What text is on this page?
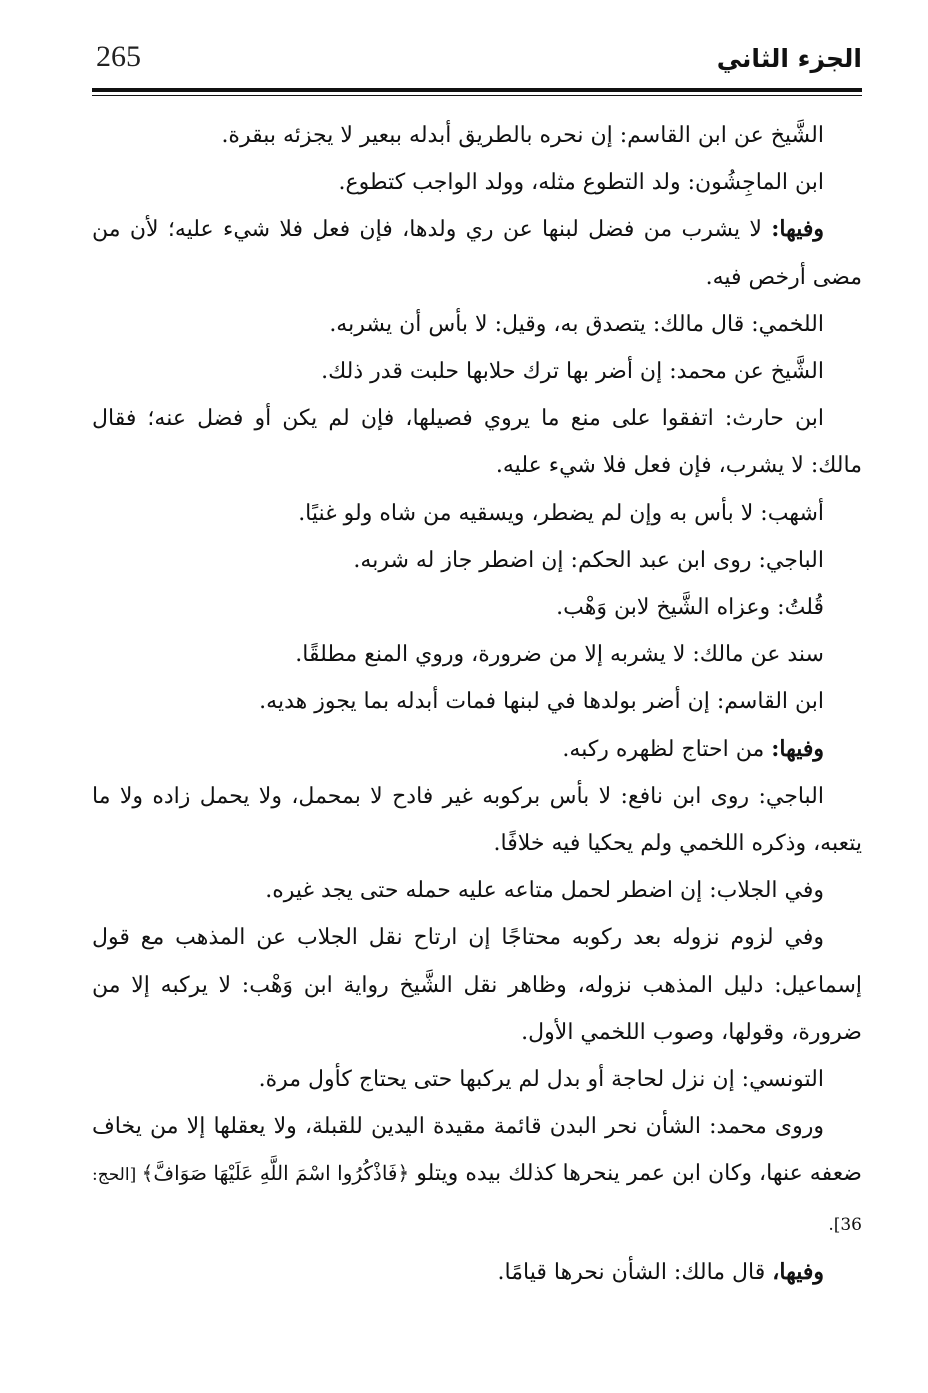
265	الجزء الثاني

الشَّيخ عن ابن القاسم: إن نحره بالطريق أبدله ببعير لا يجزئه ببقرة.

ابن الماجِشُون: ولد التطوع مثله، وولد الواجب كتطوع.

وفيها: لا يشرب من فضل لبنها عن ري ولدها، فإن فعل فلا شيء عليه؛ لأن من مضى أرخص فيه.

اللخمي: قال مالك: يتصدق به، وقيل: لا بأس أن يشربه.

الشَّيخ عن محمد: إن أضر بها ترك حلابها حلبت قدر ذلك.

ابن حارث: اتفقوا على منع ما يروي فصيلها، فإن لم يكن أو فضل عنه؛ فقال مالك: لا يشرب، فإن فعل فلا شيء عليه.

أشهب: لا بأس به وإن لم يضطر، ويسقيه من شاه ولو غنيًا.

الباجي: روى ابن عبد الحكم: إن اضطر جاز له شربه.

قُلتُ: وعزاه الشَّيخ لابن وَهْب.

سند عن مالك: لا يشربه إلا من ضرورة، وروي المنع مطلقًا.

ابن القاسم: إن أضر بولدها في لبنها فمات أبدله بما يجوز هديه.

وفيها: من احتاج لظهره ركبه.

الباجي: روى ابن نافع: لا بأس بركوبه غير فادح لا بمحمل، ولا يحمل زاده ولا ما يتعبه، وذكره اللخمي ولم يحكيا فيه خلافًا.

وفي الجلاب: إن اضطر لحمل متاعه عليه حمله حتى يجد غيره.

وفي لزوم نزوله بعد ركوبه محتاجًا إن ارتاح نقل الجلاب عن المذهب مع قول إسماعيل: دليل المذهب نزوله، وظاهر نقل الشَّيخ رواية ابن وَهْب: لا يركبه إلا من ضرورة، وقولها، وصوب اللخمي الأول.

التونسي: إن نزل لحاجة أو بدل لم يركبها حتى يحتاج كأول مرة.

وروى محمد: الشأن نحر البدن قائمة مقيدة اليدين للقبلة، ولا يعقلها إلا من يخاف ضعفه عنها، وكان ابن عمر ينحرها كذلك بيده ويتلو ﴿فَاذْكُرُوا اسْمَ اللَّهِ عَلَيْهَا صَوَافَّ﴾ [الحج: 36].

وفيها، قال مالك: الشأن نحرها قيامًا.
